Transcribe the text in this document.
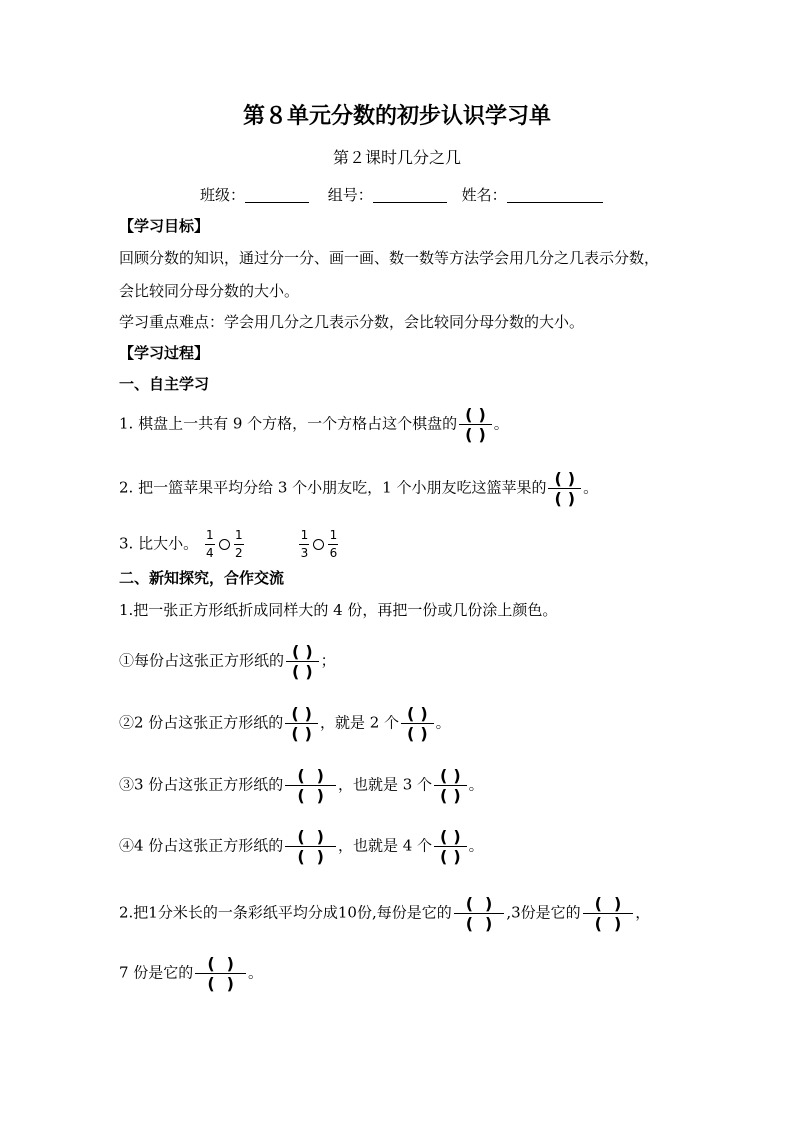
第８单元分数的初步认识学习单
第２课时几分之几
班级：	组号：	姓名：
【学习目标】
回顾分数的知识，通过分一分、画一画、数一数等方法学会用几分之几表示分数，
会比较同分母分数的大小。
学习重点难点：学会用几分之几表示分数，会比较同分母分数的大小。
【学习过程】
一、自主学习
1. 棋盘上一共有 9 个方格，一个方格占这个棋盘的 $\frac{()}{()}$ 。
2. 把一篮苹果平均分给 3 个小朋友吃，1 个小朋友吃这篮苹果的 $\frac{()}{()}$ 。
3. 比大小。 $\frac{1}{4} \frac{1}{2}$
	$\frac{1}{3} \frac{1}{6}$
二、新知探究，合作交流
1.把一张正方形纸折成同样大的 4 份，再把一份或几份涂上颜色。
①每份占这张正方形纸的 $\frac{()}{()}$ ；
②2 份占这张正方形纸的 $\frac{()}{()}$ ，就是 2 个 $\frac{()}{()}$ 。
③3 份占这张正方形纸的 $\frac{()}{()}$ ，也就是 3 个 $\frac{()}{()}$ 。
④4 份占这张正方形纸的 $\frac{()}{()}$ ，也就是 4 个 $\frac{()}{()}$ 。
2.把1分米长的一条彩纸平均分成10份,每份是它的 $\frac{()}{()} ,3$份是它的 $\frac{()}{()}$ ，
7 份是它的 $\frac{()}{()}$ 。
